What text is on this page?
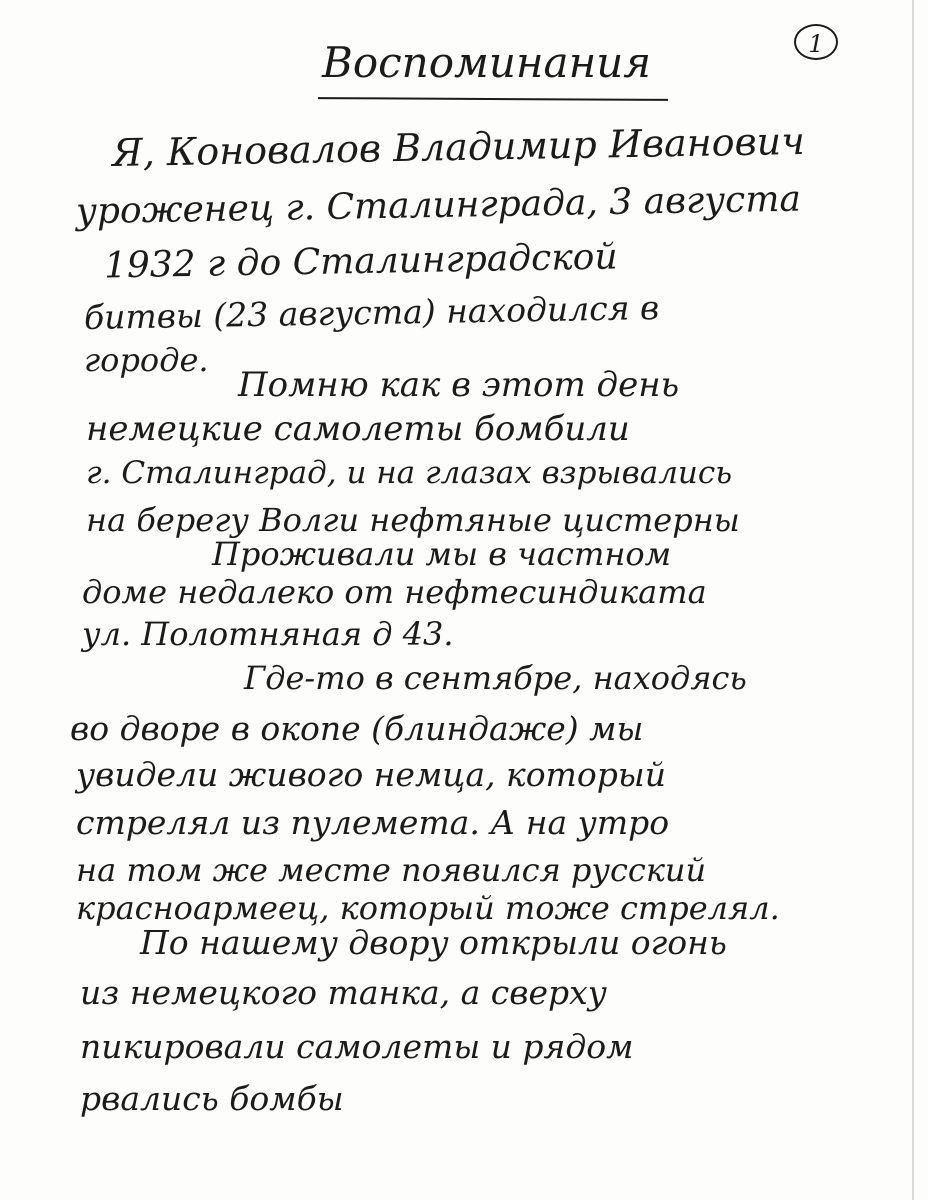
1
Воспоминания
Я, Коновалов Владимир Иванович
уроженец г. Сталинграда, 3 августа
1932 г до Сталинградской
битвы (23 августа) находился в
городе.
Помню как в этот день
немецкие самолеты бомбили
г. Сталинград, и на глазах взрывались
на берегу Волги нефтяные цистерны
Проживали мы в частном
доме недалеко от нефтесиндиката
ул. Полотняная д 43.
Где-то в сентябре, находясь
во дворе в окопе (блиндаже) мы
увидели живого немца, который
стрелял из пулемета. А на утро
на том же месте появился русский
красноармеец, который тоже стрелял.
По нашему двору открыли огонь
из немецкого танка, а сверху
пикировали самолеты и рядом
рвались бомбы
